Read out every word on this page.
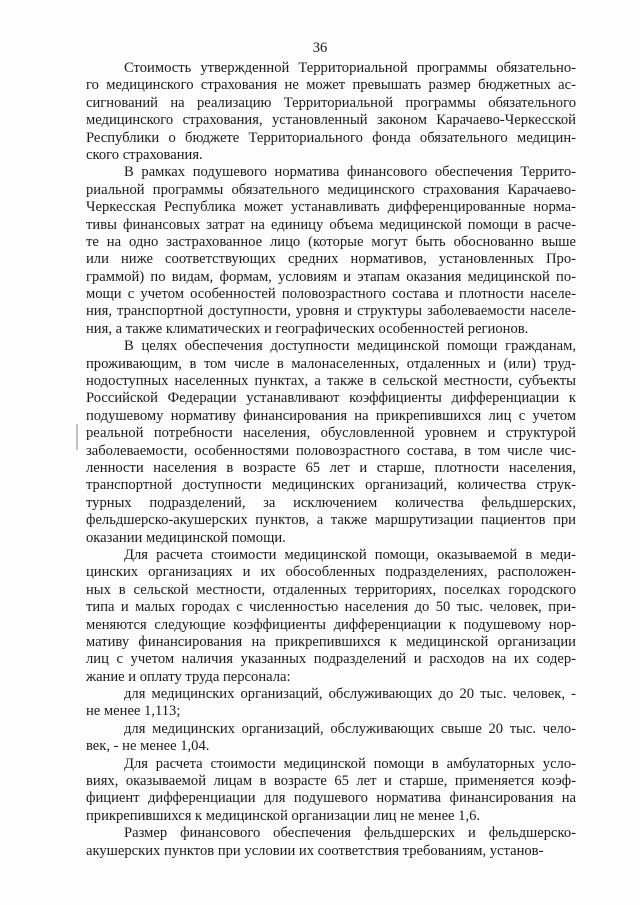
36
Стоимость утвержденной Территориальной программы обязательно-
го медицинского страхования не может превышать размер бюджетных ас-
сигнований на реализацию Территориальной программы обязательного
медицинского страхования, установленный законом Карачаево-Черкесской
Республики о бюджете Территориального фонда обязательного медицин-
ского страхования.
В рамках подушевого норматива финансового обеспечения Террито-
риальной программы обязательного медицинского страхования Карачаево-
Черкесская Республика может устанавливать дифференцированные норма-
тивы финансовых затрат на единицу объема медицинской помощи в расче-
те на одно застрахованное лицо (которые могут быть обоснованно выше
или ниже соответствующих средних нормативов, установленных Про-
граммой) по видам, формам, условиям и этапам оказания медицинской по-
мощи с учетом особенностей половозрастного состава и плотности населе-
ния, транспортной доступности, уровня и структуры заболеваемости населе-
ния, а также климатических и географических особенностей регионов.
В целях обеспечения доступности медицинской помощи гражданам,
проживающим, в том числе в малонаселенных, отдаленных и (или) труд-
нодоступных населенных пунктах, а также в сельской местности, субъекты
Российской Федерации устанавливают коэффициенты дифференциации к
подушевому нормативу финансирования на прикрепившихся лиц с учетом
реальной потребности населения, обусловленной уровнем и структурой
заболеваемости, особенностями половозрастного состава, в том числе чис-
ленности населения в возрасте 65 лет и старше, плотности населения,
транспортной доступности медицинских организаций, количества струк-
турных подразделений, за исключением количества фельдшерских,
фельдшерско-акушерских пунктов, а также маршрутизации пациентов при
оказании медицинской помощи.
Для расчета стоимости медицинской помощи, оказываемой в меди-
цинских организациях и их обособленных подразделениях, расположен-
ных в сельской местности, отдаленных территориях, поселках городского
типа и малых городах с численностью населения до 50 тыс. человек, при-
меняются следующие коэффициенты дифференциации к подушевому нор-
мативу финансирования на прикрепившихся к медицинской организации
лиц с учетом наличия указанных подразделений и расходов на их содер-
жание и оплату труда персонала:
для медицинских организаций, обслуживающих до 20 тыс. человек, -
не менее 1,113;
для медицинских организаций, обслуживающих свыше 20 тыс. чело-
век, - не менее 1,04.
Для расчета стоимости медицинской помощи в амбулаторных усло-
виях, оказываемой лицам в возрасте 65 лет и старше, применяется коэф-
фициент дифференциации для подушевого норматива финансирования на
прикрепившихся к медицинской организации лиц не менее 1,6.
Размер финансового обеспечения фельдшерских и фельдшерско-
акушерских пунктов при условии их соответствия требованиям, установ-
